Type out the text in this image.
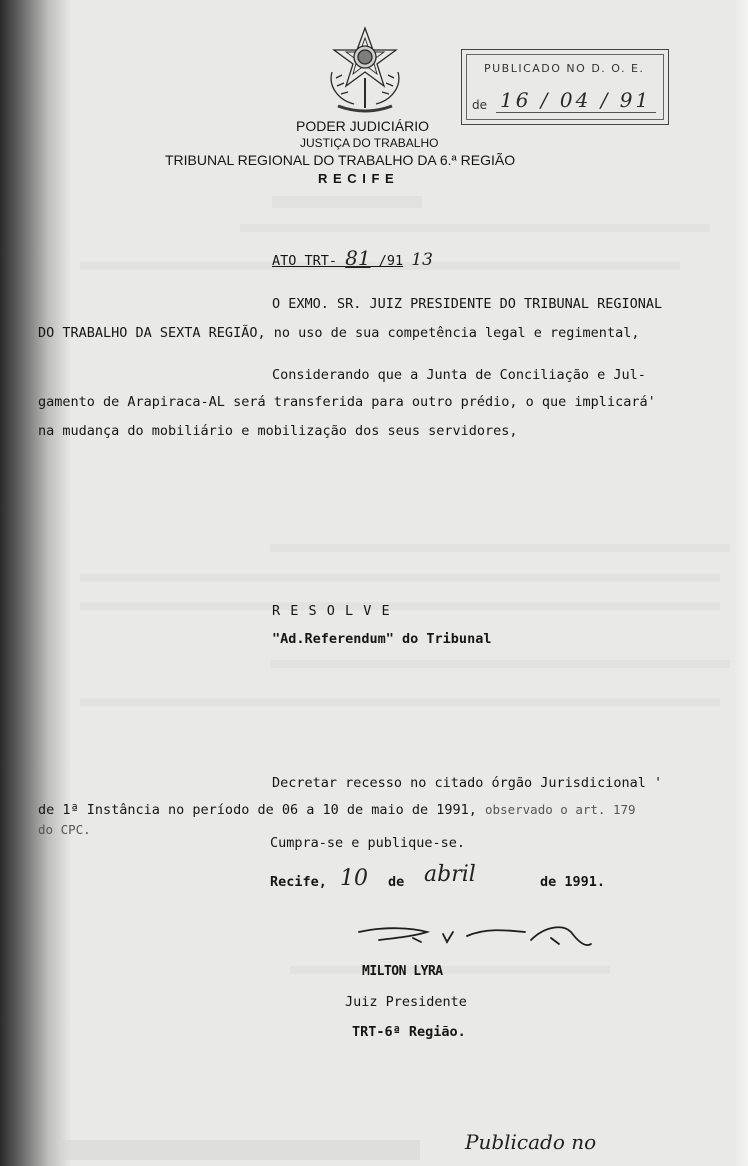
PUBLICADO NO D. O. E.
de 16 / 04 / 91
PODER JUDICIÁRIO
JUSTIÇA DO TRABALHO
TRIBUNAL REGIONAL DO TRABALHO DA 6.ª REGIÃO
R E C I F E
ATO TRT- 81 /91 13
O EXMO. SR. JUIZ PRESIDENTE DO TRIBUNAL REGIONAL
DO TRABALHO DA SEXTA REGIÃO, no uso de sua competência legal e regimental,
Considerando que a Junta de Conciliação e Jul-
gamento de Arapiraca-AL será transferida para outro prédio, o que implicará'
na mudança do mobiliário e mobilização dos seus servidores,
R E S O L V E
"Ad.Referendum" do Tribunal
Decretar recesso no citado órgão Jurisdicional '
de 1ª Instância no período de 06 a 10 de maio de 1991, observado o art. 179
do CPC.
Cumpra-se e publique-se.
Recife, 10 de abril	de 1991.
MILTON LYRA
Juiz Presidente
TRT-6ª Região.
Publicado no
